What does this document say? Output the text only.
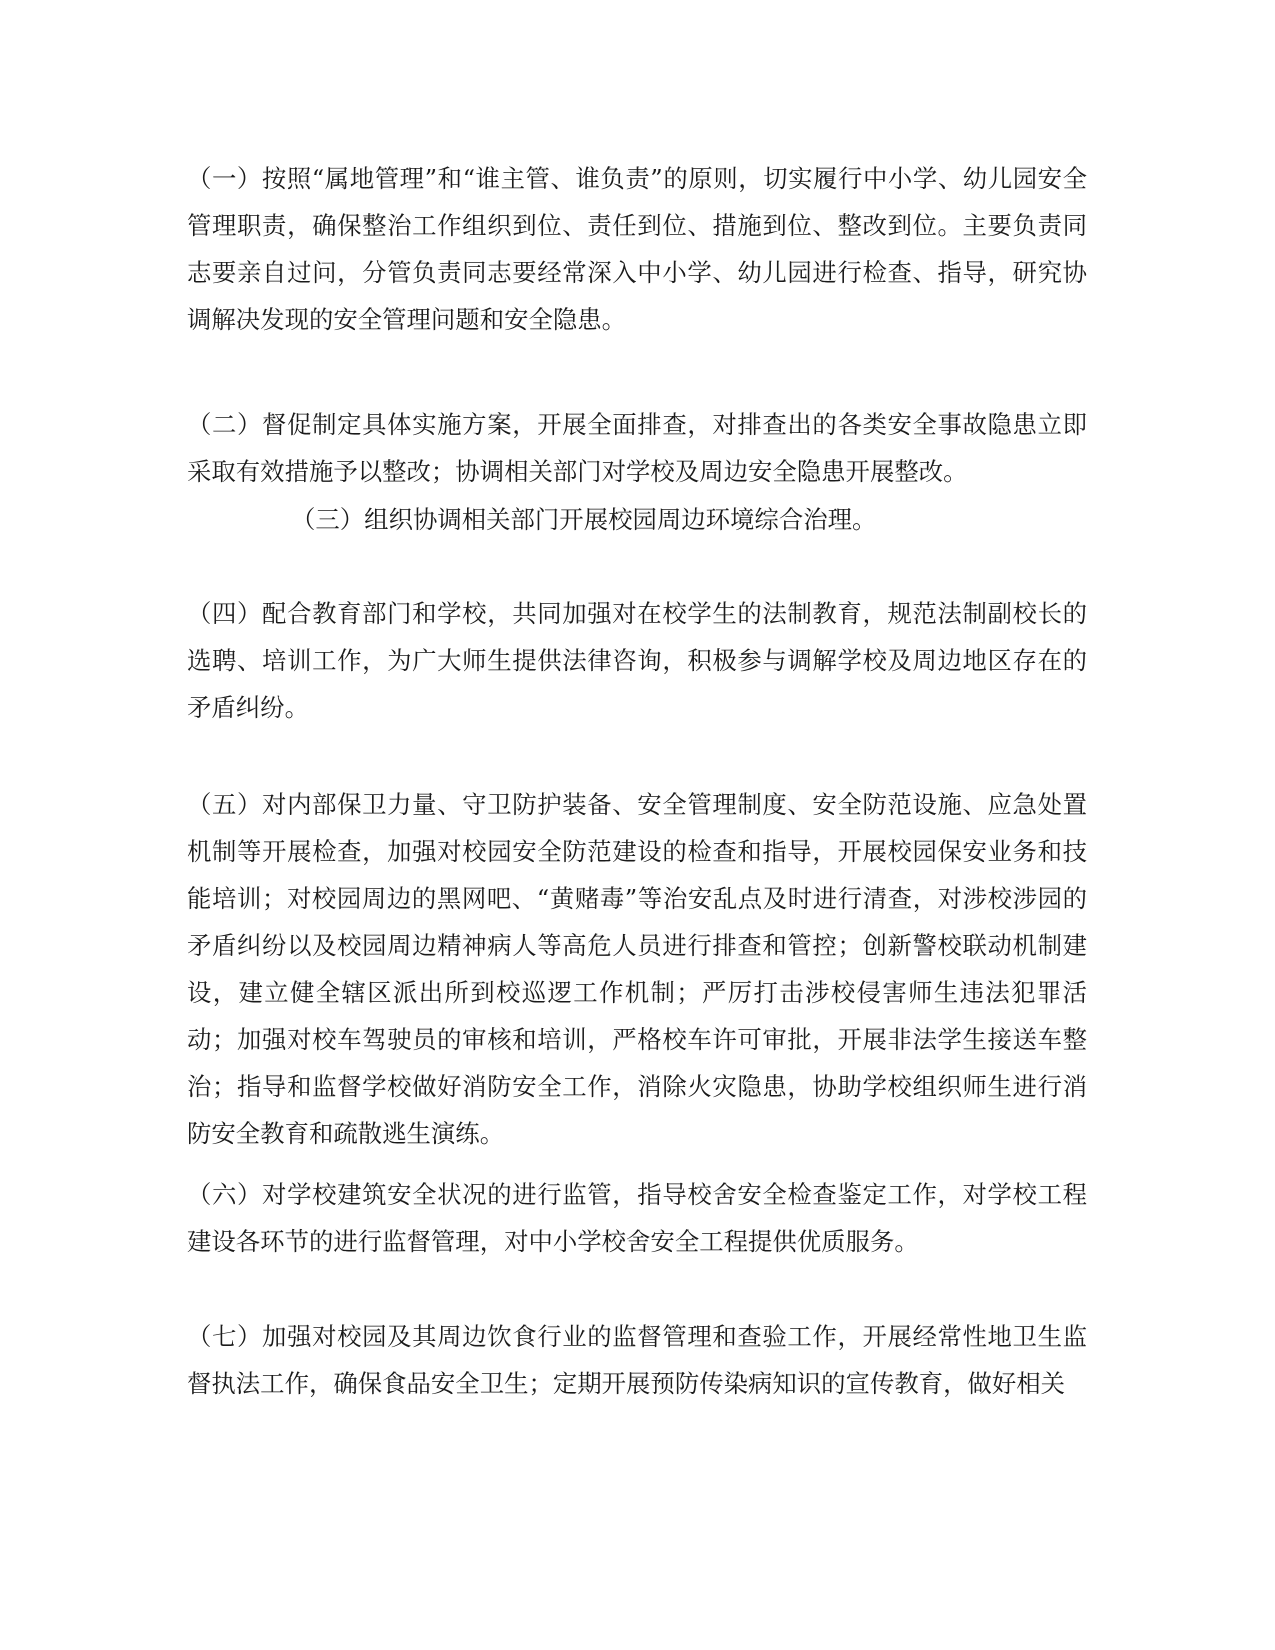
（一）按照“属地管理”和“谁主管、谁负责”的原则，切实履行中小学、幼儿园安全管理职责，确保整治工作组织到位、责任到位、措施到位、整改到位。主要负责同志要亲自过问，分管负责同志要经常深入中小学、幼儿园进行检查、指导，研究协调解决发现的安全管理问题和安全隐患。

（二）督促制定具体实施方案，开展全面排查，对排查出的各类安全事故隐患立即采取有效措施予以整改；协调相关部门对学校及周边安全隐患开展整改。

（三）组织协调相关部门开展校园周边环境综合治理。

（四）配合教育部门和学校，共同加强对在校学生的法制教育，规范法制副校长的选聘、培训工作，为广大师生提供法律咨询，积极参与调解学校及周边地区存在的矛盾纠纷。

（五）对内部保卫力量、守卫防护装备、安全管理制度、安全防范设施、应急处置机制等开展检查，加强对校园安全防范建设的检查和指导，开展校园保安业务和技能培训；对校园周边的黑网吧、“黄赌毒”等治安乱点及时进行清查，对涉校涉园的矛盾纠纷以及校园周边精神病人等高危人员进行排查和管控；创新警校联动机制建设，建立健全辖区派出所到校巡逻工作机制；严厉打击涉校侵害师生违法犯罪活动；加强对校车驾驶员的审核和培训，严格校车许可审批，开展非法学生接送车整治；指导和监督学校做好消防安全工作，消除火灾隐患，协助学校组织师生进行消防安全教育和疏散逃生演练。

（六）对学校建筑安全状况的进行监管，指导校舍安全检查鉴定工作，对学校工程建设各环节的进行监督管理，对中小学校舍安全工程提供优质服务。

（七）加强对校园及其周边饮食行业的监督管理和查验工作，开展经常性地卫生监督执法工作，确保食品安全卫生；定期开展预防传染病知识的宣传教育，做好相关
